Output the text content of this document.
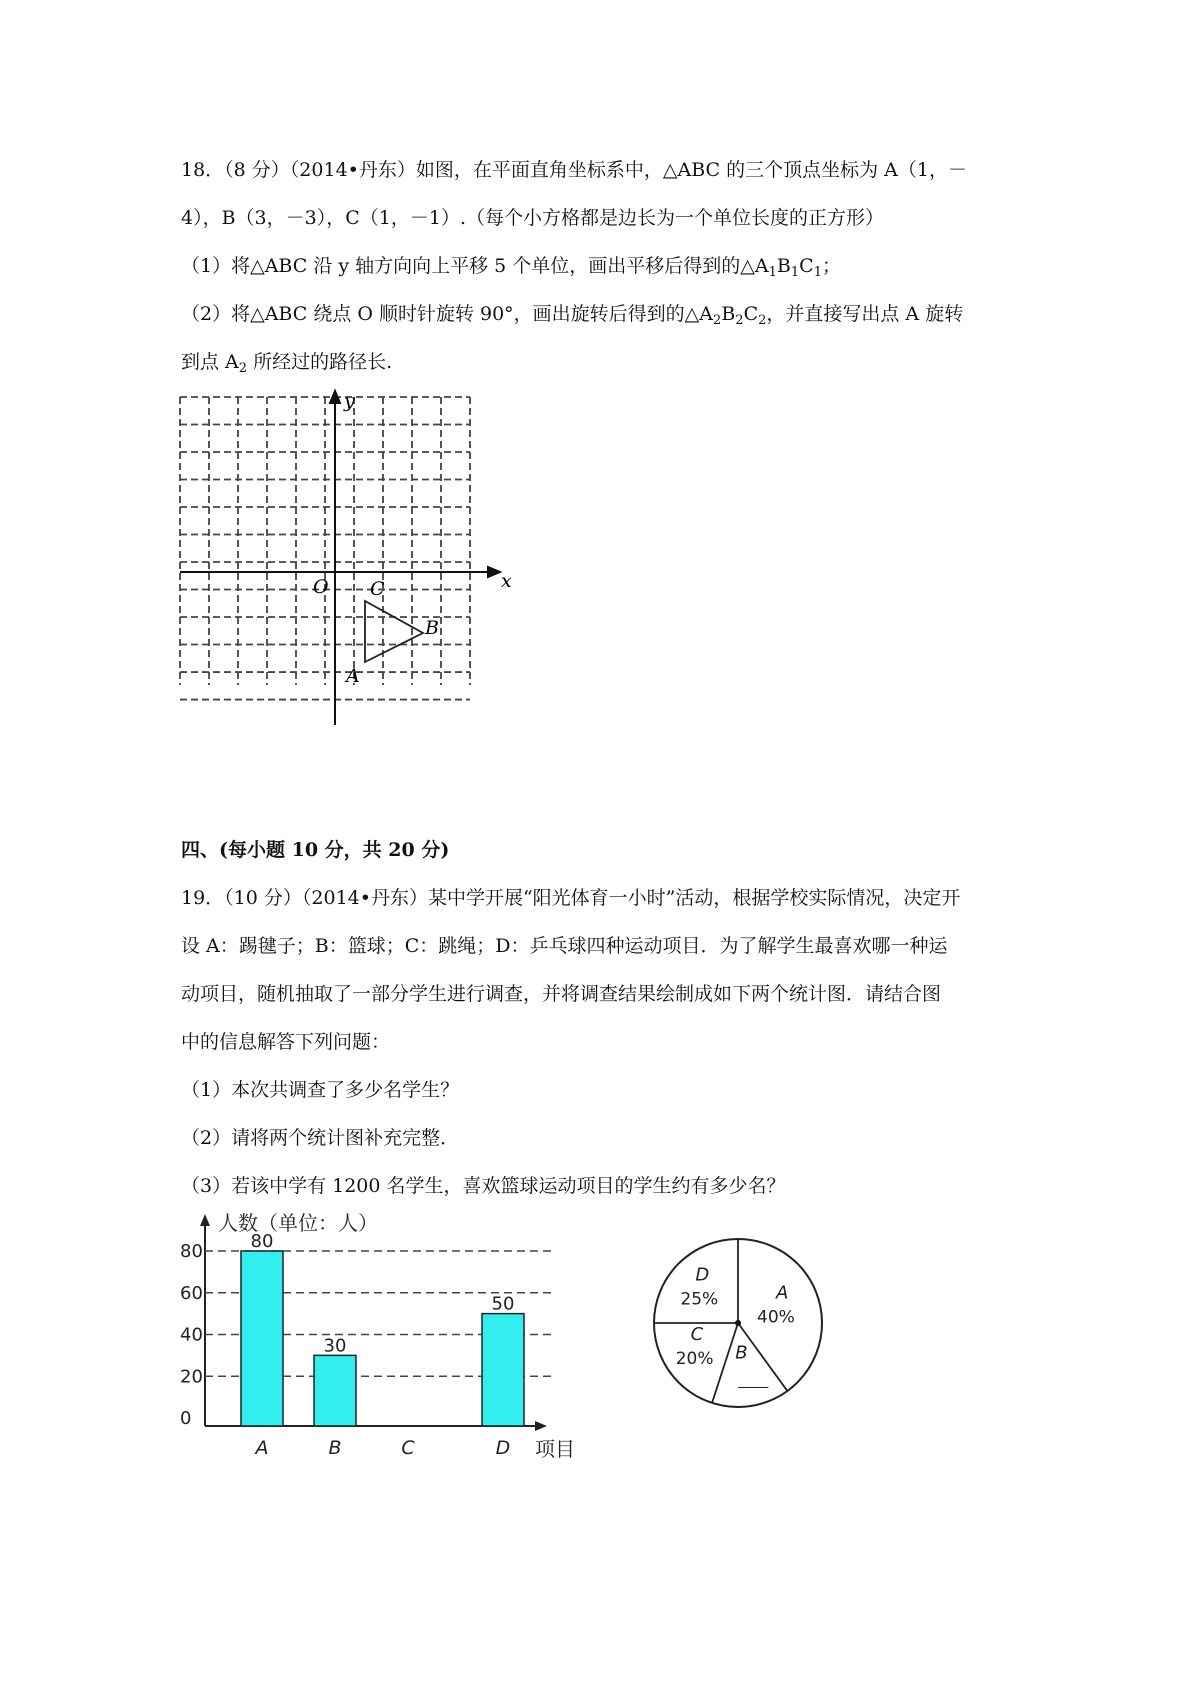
18．（8 分）（2014•丹东）如图，在平面直角坐标系中，△ABC 的三个顶点坐标为 A（1，－
4），B（3，－3），C（1，－1）.（每个小方格都是边长为一个单位长度的正方形）
（1）将△ABC 沿 y 轴方向向上平移 5 个单位，画出平移后得到的$\triangle A_1B_1C_1$；
（2）将△ABC 绕点 O 顺时针旋转 90°，画出旋转后得到的$\triangle A_2B_2C_2$，并直接写出点 A 旋转
到点 $A_2$ 所经过的路径长.
x
y
O C
B
A
四、(每小题 10 分，共 20 分)
19．（10 分）（2014•丹东）某中学开展“阳光体育一小时”活动，根据学校实际情况，决定开
设 A：踢毽子；B：篮球；C：跳绳；D：乒乓球四种运动项目．为了解学生最喜欢哪一种运
动项目，随机抽取了一部分学生进行调查，并将调查结果绘制成如下两个统计图．请结合图
中的信息解答下列问题：
（1）本次共调查了多少名学生？
（2）请将两个统计图补充完整．
（3）若该中学有 1200 名学生，喜欢篮球运动项目的学生约有多少名？
0
20
40
60
80
人数（单位：人）
80
A
30
B	C
50
D 项目
A
40%
B
____
C
20%
D
25%
